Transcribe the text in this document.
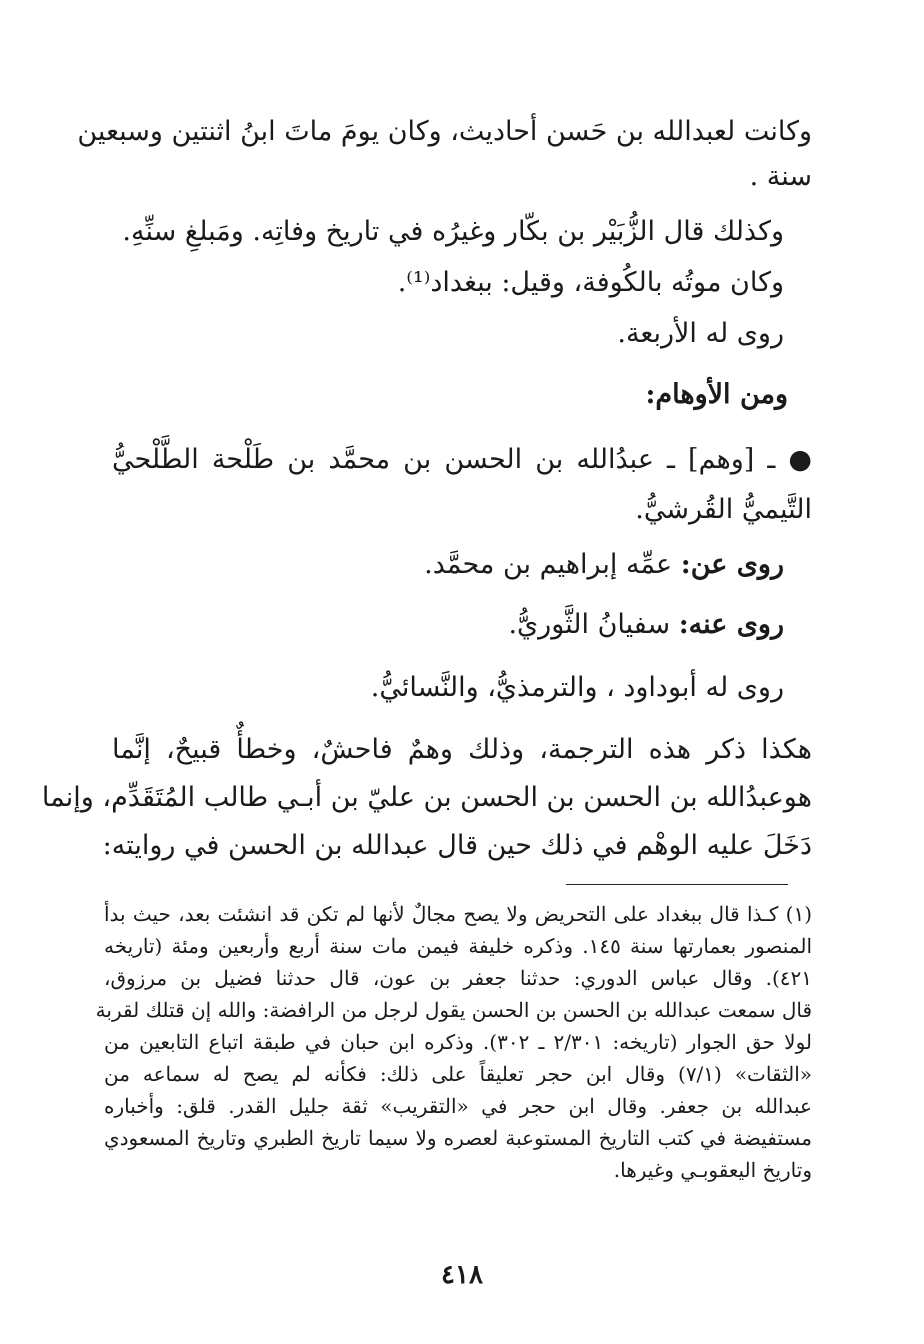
وكانت لعبدالله بن حَسن أحاديث، وكان يومَ ماتَ ابنُ اثنتين وسبعين
سنة .
وكذلك قال الزُّبَيْر بن بكّار وغيرُه في تاريخ وفاتِه. ومَبلغِ سنِّهِ.
وكان موتُه بالكُوفة، وقيل: ببغداد⁽¹⁾.
روى له الأربعة.
ومن الأوهام:
● ـ [وهم] ـ عبدُالله بن الحسن بن محمَّد بن طَلْحة الطَّلْحيُّ
التَّيميُّ القُرشيُّ.
روى عن: عمِّه إبراهيم بن محمَّد.
روى عنه: سفيانُ الثَّوريُّ.
روى له أبوداود ، والترمذيُّ، والنَّسائيُّ.
هكذا ذكر هذه الترجمة، وذلك وهمٌ فاحشٌ، وخطأٌ قبيحٌ، إنَّما
هوعبدُالله بن الحسن بن الحسن بن عليّ بن أبـي طالب المُتَقَدِّم، وإنما
دَخَلَ عليه الوهْم في ذلك حين قال عبدالله بن الحسن في روايته:
(١) كـذا قال ببغداد على التحريض ولا يصح مجالٌ لأنها لم تكن قد انشئت بعد، حيث بدأ
المنصور بعمارتها سنة ١٤٥. وذكره خليفة فيمن مات سنة أربع وأربعين ومئة (تاريخه
٤٢١). وقال عباس الدوري: حدثنا جعفر بن عون، قال حدثنا فضيل بن مرزوق،
قال سمعت عبدالله بن الحسن بن الحسن يقول لرجل من الرافضة: والله إن قتلك لقربة
لولا حق الجوار (تاريخه: ٢/٣٠١ ـ ٣٠٢). وذكره ابن حبان في طبقة اتباع التابعين من
«الثقات» (٧/١) وقال ابن حجر تعليقاً على ذلك: فكأنه لم يصح له سماعه من
عبدالله بن جعفر. وقال ابن حجر في «التقريب» ثقة جليل القدر. قلق: وأخباره
مستفيضة في كتب التاريخ المستوعبة لعصره ولا سيما تاريخ الطبري وتاريخ المسعودي
وتاريخ اليعقوبـي وغيرها.
٤١٨
